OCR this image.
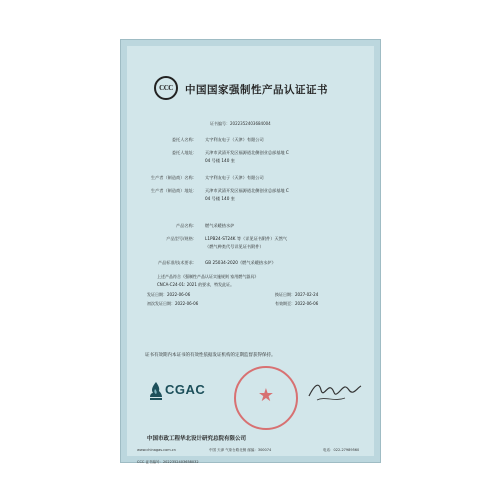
CCC	中国国家强制性产品认证证书
证书编号：2022352403684004
委托人名称： 太宇利友电子（天津）有限公司
委托人地址： 天津市武清开发区福源道北侧创业总部基地 C
04 号楼 140 室
生产者（制造商）名称： 太宇利友电子（天津）有限公司
生产者（制造商）地址： 天津市武清开发区福源道北侧创业总部基地 C
04 号楼 140 室
产品名称： 燃气采暖热水炉
产品型号/规格： L1PB24-ST24K 等（详见证书附件）天然气
（燃气种类代号详见证书附件）
产品标准/技术要求： GB 25034-2020《燃气采暖热水炉》
上述产品符合《强制性产品认证实施规则 家用燃气器具》
CNCA-C24-01: 2021 的要求，特发此证。
发证日期：2022-06-06	换证日期：2027-02-24
初次发证日期：2022-06-06	有效期至：2022-06-06
证书有效期内本证书的有效性依据发证机构的定期监督获得保持。
CGAC	★
中国市政工程华北设计研究总院有限公司
www.chinagas.com.cn	中国 天津 气象台路北侧 邮编：300074	电话：022-27989560
CCC 证书编号：2022352403658032
